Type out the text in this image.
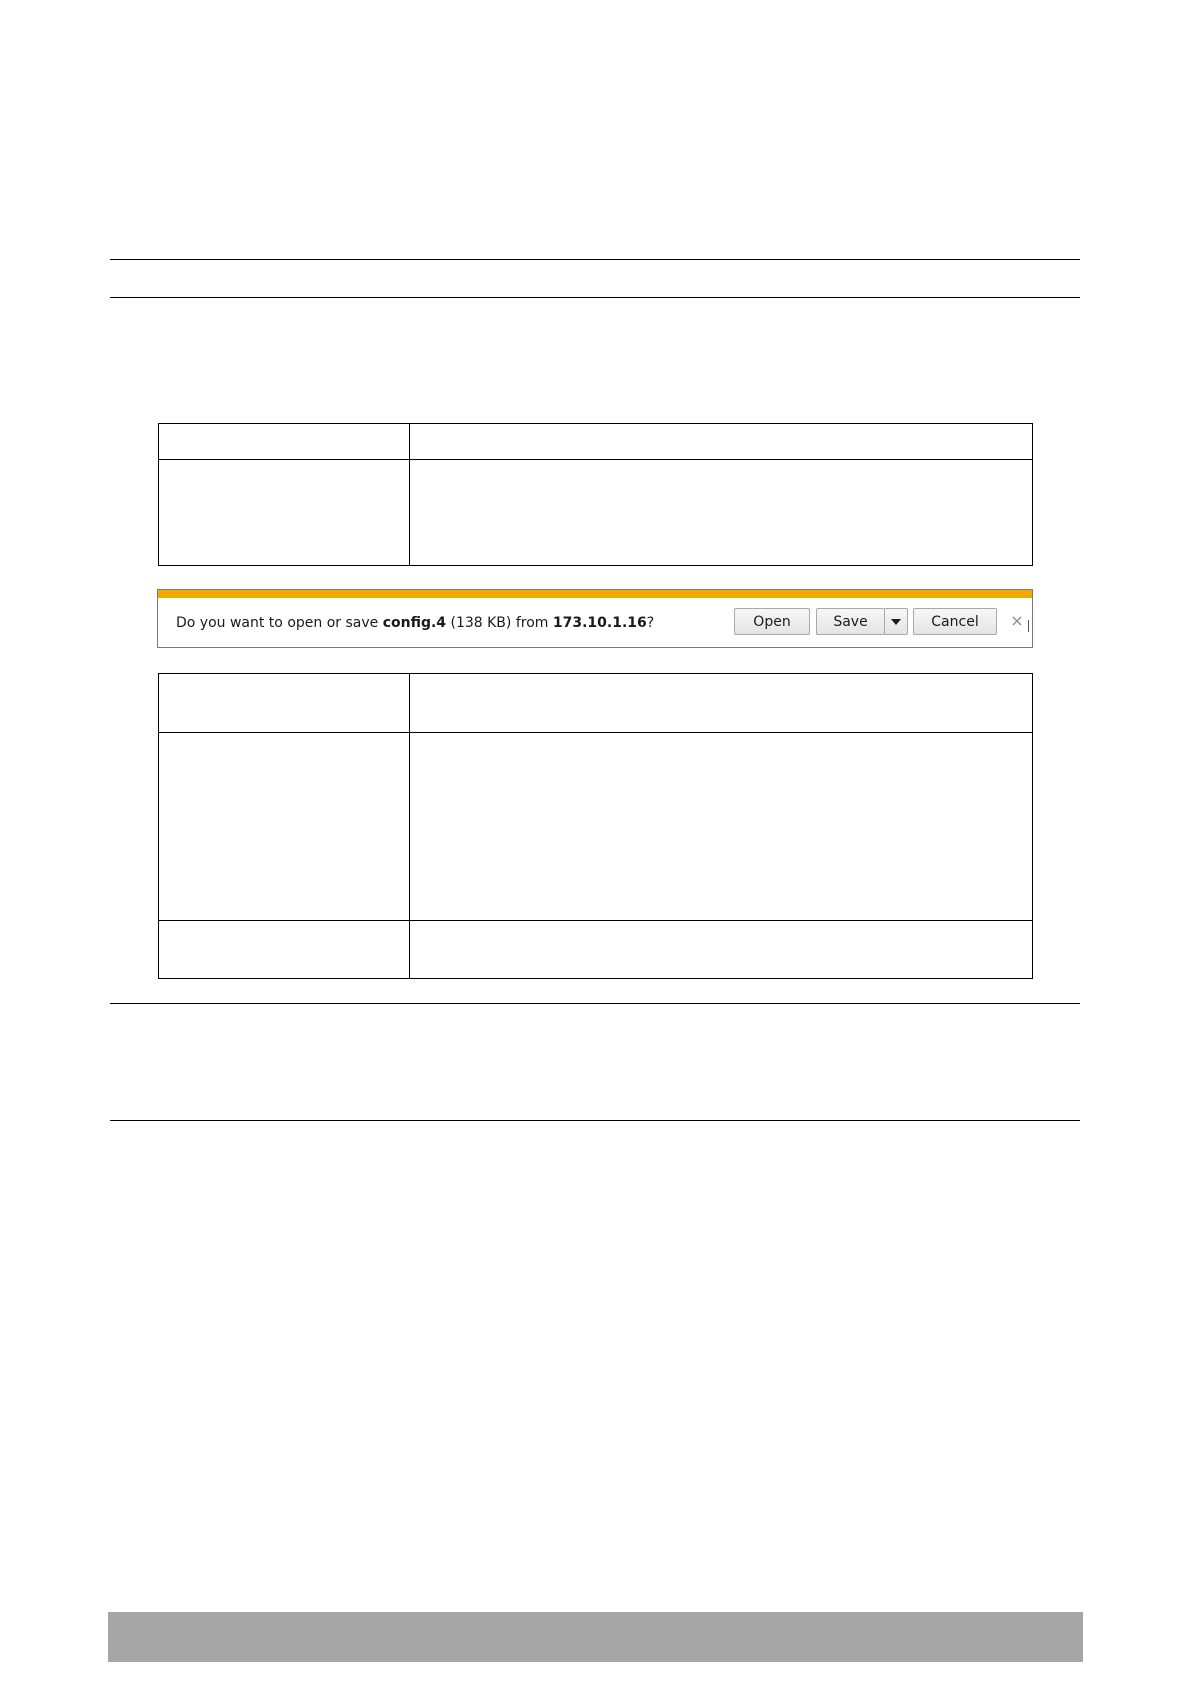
Do you want to open or save config.4 (138 KB) from 173.10.1.16?	Open	Save	Cancel	×
